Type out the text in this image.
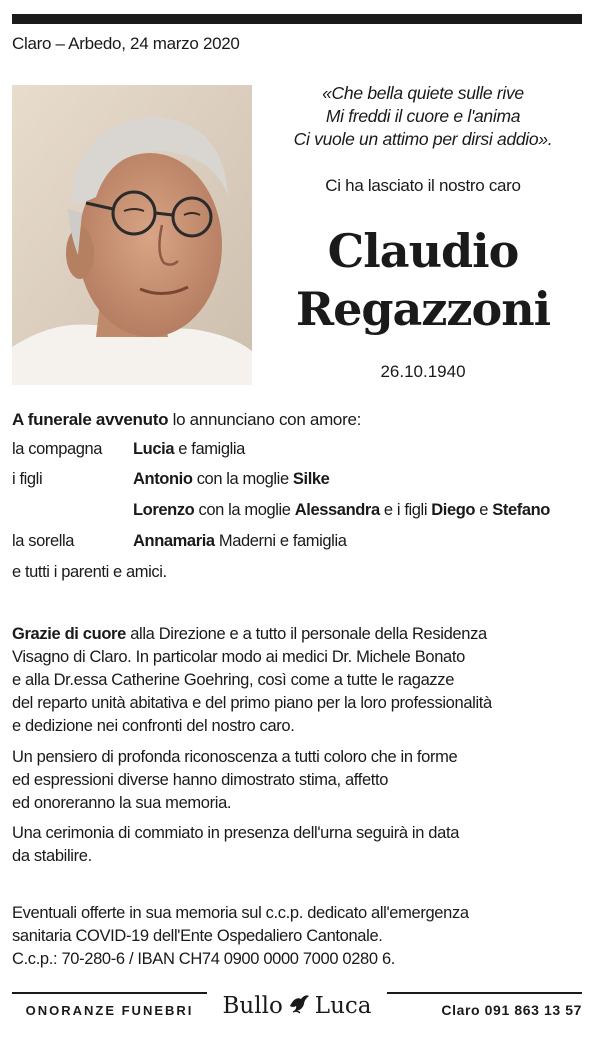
Claro – Arbedo, 24 marzo 2020
«Che bella quiete sulle rive
Mi freddi il cuore e l'anima
Ci vuole un attimo per dirsi addio».
Ci ha lasciato il nostro caro
Claudio
Regazzoni
26.10.1940
A funerale avvenuto lo annunciano con amore:
la compagna Lucia e famiglia
i figli	Antonio con la moglie Silke
Lorenzo con la moglie Alessandra e i figli Diego e Stefano
la sorella	Annamaria Maderni e famiglia
e tutti i parenti e amici.
Grazie di cuore alla Direzione e a tutto il personale della Residenza
Visagno di Claro. In particolar modo ai medici Dr. Michele Bonato
e alla Dr.essa Catherine Goehring, così come a tutte le ragazze
del reparto unità abitativa e del primo piano per la loro professionalità
e dedizione nei confronti del nostro caro.
Un pensiero di profonda riconoscenza a tutti coloro che in forme
ed espressioni diverse hanno dimostrato stima, affetto
ed onoreranno la sua memoria.
Una cerimonia di commiato in presenza dell'urna seguirà in data
da stabilire.
Eventuali offerte in sua memoria sul c.c.p. dedicato all'emergenza
sanitaria COVID-19 dell'Ente Ospedaliero Cantonale.
C.c.p.: 70-280-6 / IBAN CH74 0900 0000 7000 0280 6.
ONORANZE FUNEBRI	Bullo Luca	Claro 091 863 13 57
